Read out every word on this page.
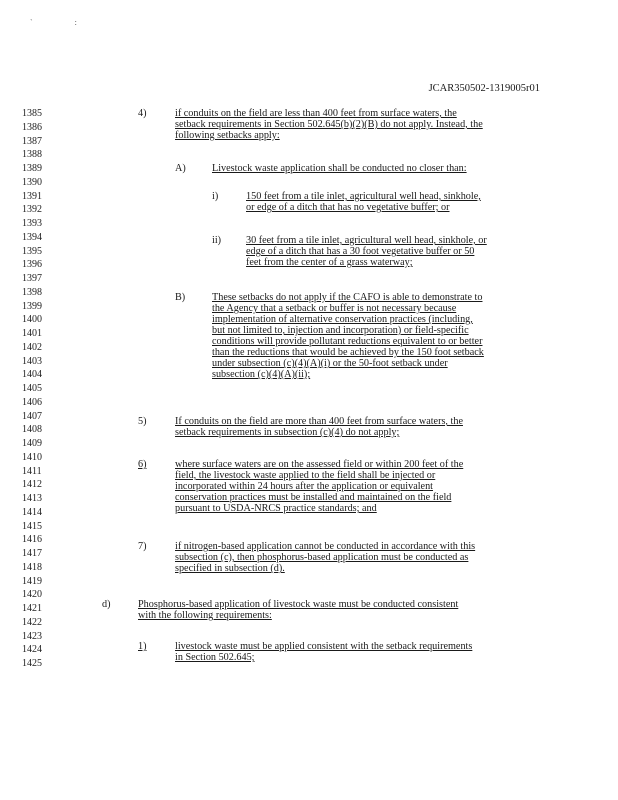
` :
JCAR350502-1319005r01
1385
1386
1387
1388
1389
1390
1391
1392
1393
1394
1395
1396
1397
1398
1399
1400
1401
1402
1403
1404
1405
1406
1407
1408
1409
1410
1411
1412
1413
1414
1415
1416
1417
1418
1419
1420
1421
1422
1423
1424
1425
4)	if conduits on the field are less than 400 feet from surface waters, the
setback requirements in Section 502.645(b)(2)(B) do not apply. Instead, the
following setbacks apply:
A)	Livestock waste application shall be conducted no closer than:
i)	150 feet from a tile inlet, agricultural well head, sinkhole,
or edge of a ditch that has no vegetative buffer; or
ii) 30 feet from a tile inlet, agricultural well head, sinkhole, or
edge of a ditch that has a 30 foot vegetative buffer or 50
feet from the center of a grass waterway;
B)	These setbacks do not apply if the CAFO is able to demonstrate to
the Agency that a setback or buffer is not necessary because
implementation of alternative conservation practices (including,
but not limited to, injection and incorporation) or field-specific
conditions will provide pollutant reductions equivalent to or better
than the reductions that would be achieved by the 150 foot setback
under subsection (c)(4)(A)(i) or the 50-foot setback under
subsection (c)(4)(A)(ii);
5)	If conduits on the field are more than 400 feet from surface waters, the
setback requirements in subsection (c)(4) do not apply;
6)	where surface waters are on the assessed field or within 200 feet of the
field, the livestock waste applied to the field shall be injected or
incorporated within 24 hours after the application or equivalent
conservation practices must be installed and maintained on the field
pursuant to USDA-NRCS practice standards; and
7)	if nitrogen-based application cannot be conducted in accordance with this
subsection (c), then phosphorus-based application must be conducted as
specified in subsection (d).
d)	Phosphorus-based application of livestock waste must be conducted consistent
with the following requirements:
1)	livestock waste must be applied consistent with the setback requirements
in Section 502.645;
